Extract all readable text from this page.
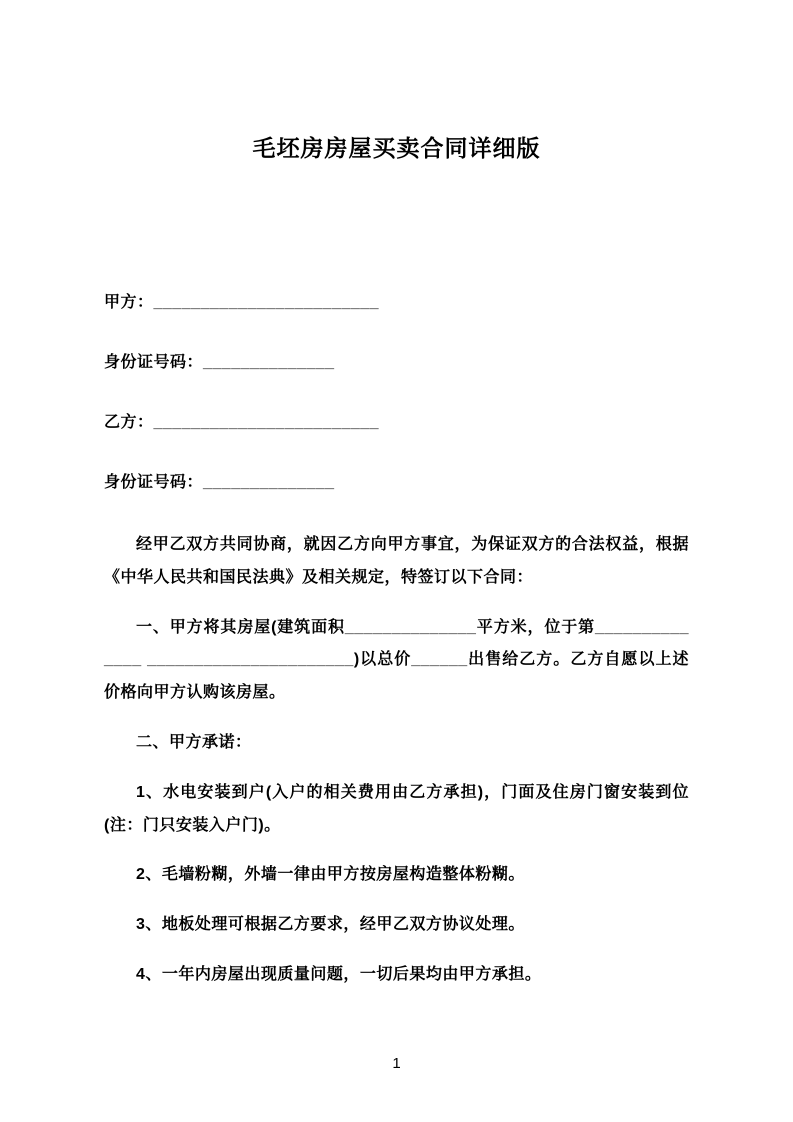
毛坯房房屋买卖合同详细版

甲方：________________________

身份证号码：______________

乙方：________________________

身份证号码：______________

经甲乙双方共同协商，就因乙方向甲方事宜，为保证双方的合法权益，根据《中华人民共和国民法典》及相关规定，特签订以下合同：

一、甲方将其房屋(建筑面积______________平方米，位于第______________ ______________________)以总价______出售给乙方。乙方自愿以上述价格向甲方认购该房屋。

二、甲方承诺：

1、水电安装到户(入户的相关费用由乙方承担)，门面及住房门窗安装到位(注：门只安装入户门)。

2、毛墙粉糊，外墙一律由甲方按房屋构造整体粉糊。

3、地板处理可根据乙方要求，经甲乙双方协议处理。

4、一年内房屋出现质量问题，一切后果均由甲方承担。

1
